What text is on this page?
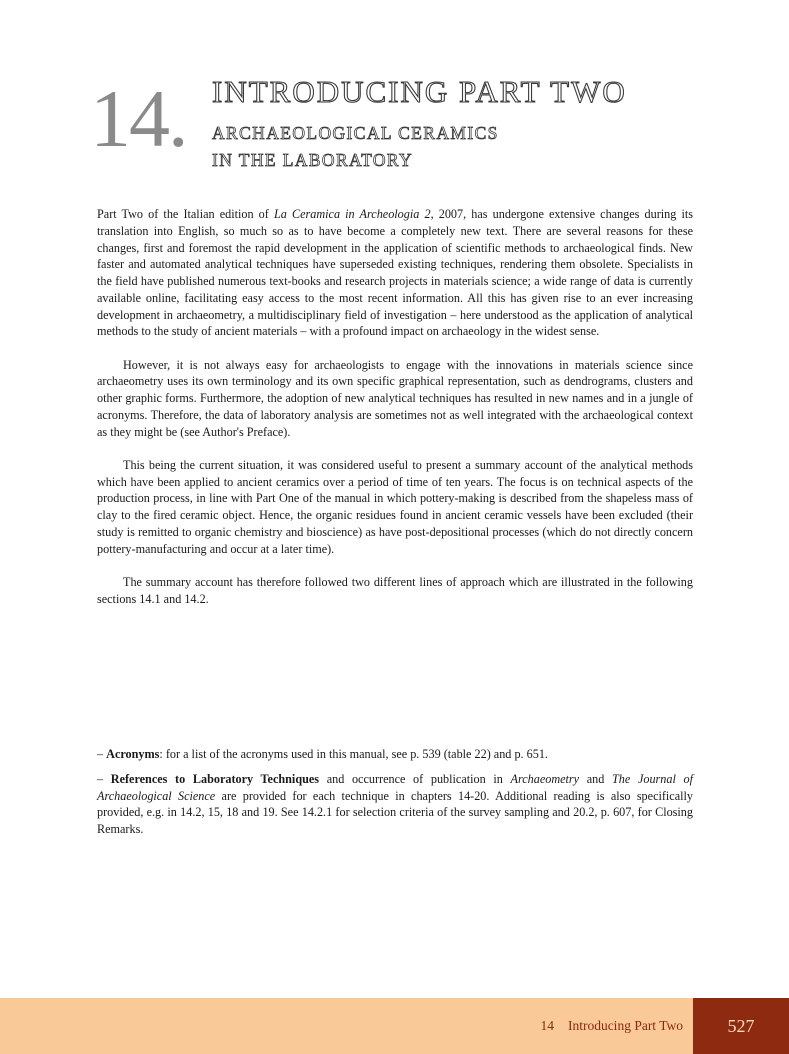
14. INTRODUCING PART TWO
ARCHAEOLOGICAL CERAMICS
IN THE LABORATORY

Part Two of the Italian edition of La Ceramica in Archeologia 2, 2007, has undergone extensive changes during its translation into English, so much so as to have become a completely new text. There are several reasons for these changes, first and foremost the rapid development in the application of scientific methods to archaeological finds. New faster and automated analytical techniques have superseded existing techniques, rendering them obsolete. Specialists in the field have published numerous text-books and research projects in materials science; a wide range of data is currently available online, facilitating easy access to the most recent information. All this has given rise to an ever increasing development in archaeometry, a multidisciplinary field of investigation – here understood as the application of analytical methods to the study of ancient materials – with a profound impact on archaeology in the widest sense.

However, it is not always easy for archaeologists to engage with the innovations in materials science since archaeometry uses its own terminology and its own specific graphical representation, such as dendrograms, clusters and other graphic forms. Furthermore, the adoption of new analytical techniques has resulted in new names and in a jungle of acronyms. Therefore, the data of laboratory analysis are sometimes not as well integrated with the archaeological context as they might be (see Author's Preface).

This being the current situation, it was considered useful to present a summary account of the analytical methods which have been applied to ancient ceramics over a period of time of ten years. The focus is on technical aspects of the production process, in line with Part One of the manual in which pottery-making is described from the shapeless mass of clay to the fired ceramic object. Hence, the organic residues found in ancient ceramic vessels have been excluded (their study is remitted to organic chemistry and bioscience) as have post-depositional processes (which do not directly concern pottery-manufacturing and occur at a later time).

The summary account has therefore followed two different lines of approach which are illustrated in the following sections 14.1 and 14.2.

– Acronyms: for a list of the acronyms used in this manual, see p. 539 (table 22) and p. 651.

– References to Laboratory Techniques and occurrence of publication in Archaeometry and The Journal of Archaeological Science are provided for each technique in chapters 14-20. Additional reading is also specifically provided, e.g. in 14.2, 15, 18 and 19. See 14.2.1 for selection criteria of the survey sampling and 20.2, p. 607, for Closing Remarks.

14 Introducing Part Two	527
